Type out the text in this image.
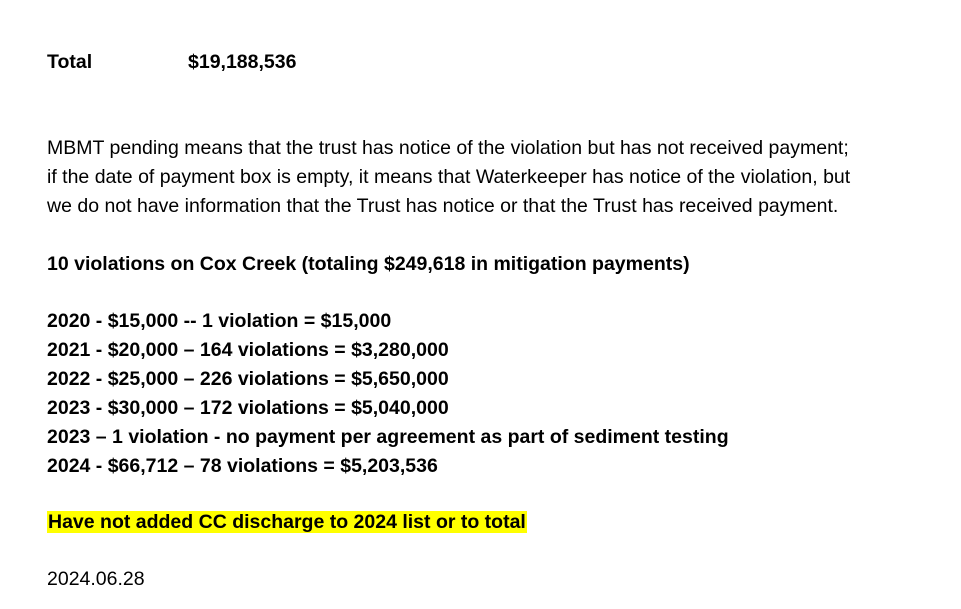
Total	$19,188,536
MBMT pending means that the trust has notice of the violation but has not received payment;
if the date of payment box is empty, it means that Waterkeeper has notice of the violation, but
we do not have information that the Trust has notice or that the Trust has received payment.
10 violations on Cox Creek (totaling $249,618 in mitigation payments)
2020 - $15,000 -- 1 violation = $15,000
2021 - $20,000 – 164 violations = $3,280,000
2022 - $25,000 – 226 violations = $5,650,000
2023 - $30,000 – 172 violations = $5,040,000
2023 – 1 violation - no payment per agreement as part of sediment testing
2024 - $66,712 – 78 violations = $5,203,536
Have not added CC discharge to 2024 list or to total
2024.06.28
